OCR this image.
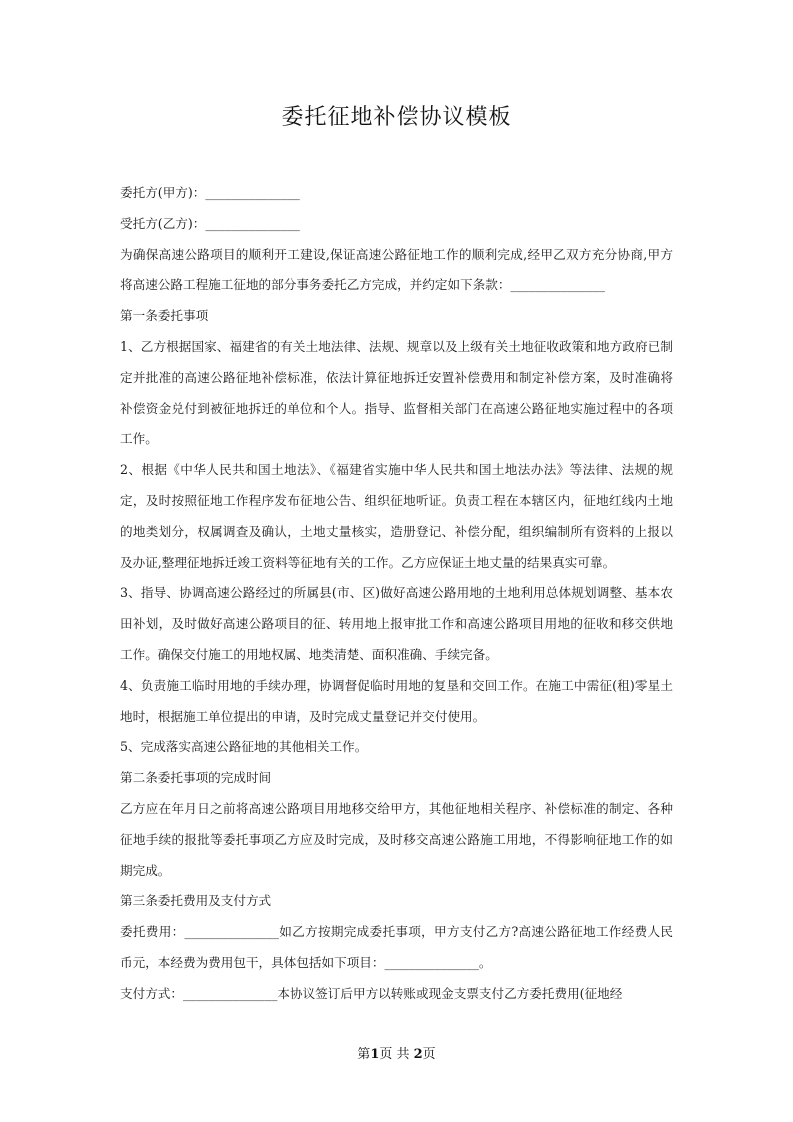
委托征地补偿协议模板

委托方(甲方)：_______________

受托方(乙方)：_______________

为确保高速公路项目的顺利开工建设,保证高速公路征地工作的顺利完成,经甲乙双方充分协商,甲方将高速公路工程施工征地的部分事务委托乙方完成，并约定如下条款：_______________

第一条委托事项

1、乙方根据国家、福建省的有关土地法律、法规、规章以及上级有关土地征收政策和地方政府已制定并批准的高速公路征地补偿标准，依法计算征地拆迁安置补偿费用和制定补偿方案，及时准确将补偿资金兑付到被征地拆迁的单位和个人。指导、监督相关部门在高速公路征地实施过程中的各项工作。

2、根据《中华人民共和国土地法》、《福建省实施中华人民共和国土地法办法》等法律、法规的规定，及时按照征地工作程序发布征地公告、组织征地听证。负责工程在本辖区内，征地红线内土地的地类划分，权属调查及确认，土地丈量核实，造册登记、补偿分配，组织编制所有资料的上报以及办证,整理征地拆迁竣工资料等征地有关的工作。乙方应保证土地丈量的结果真实可靠。

3、指导、协调高速公路经过的所属县(市、区)做好高速公路用地的土地利用总体规划调整、基本农田补划，及时做好高速公路项目的征、转用地上报审批工作和高速公路项目用地的征收和移交供地工作。确保交付施工的用地权属、地类清楚、面积准确、手续完备。

4、负责施工临时用地的手续办理，协调督促临时用地的复垦和交回工作。在施工中需征(租)零星土地时，根据施工单位提出的申请，及时完成丈量登记并交付使用。

5、完成落实高速公路征地的其他相关工作。

第二条委托事项的完成时间

乙方应在年月日之前将高速公路项目用地移交给甲方，其他征地相关程序、补偿标准的制定、各种征地手续的报批等委托事项乙方应及时完成，及时移交高速公路施工用地，不得影响征地工作的如期完成。

第三条委托费用及支付方式

委托费用：_______________如乙方按期完成委托事项，甲方支付乙方?高速公路征地工作经费人民币元，本经费为费用包干，具体包括如下项目：_______________。

支付方式：_______________本协议签订后甲方以转账或现金支票支付乙方委托费用(征地经

第1页 共 2页
